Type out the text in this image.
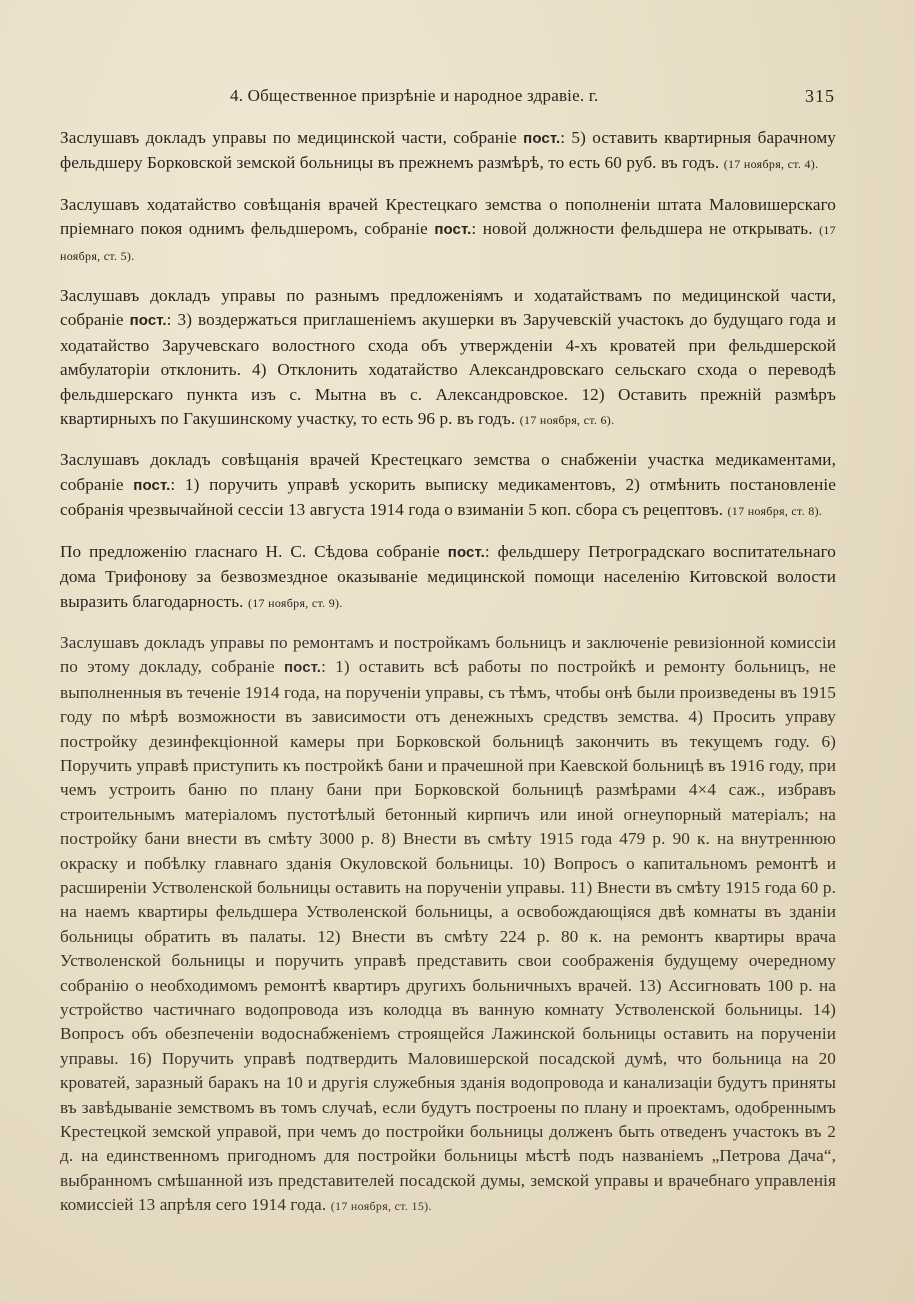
4. Общественное призрѣніе и народное здравіе. г.	315

Заслушавъ докладъ управы по медицинской части, собраніе пост.: 5) оставить квартирныя барачному фельдшеру Борковской земской больницы въ прежнемъ размѣрѣ, то есть 60 руб. въ годъ. (17 ноября, ст. 4).

Заслушавъ ходатайство совѣщанія врачей Крестецкаго земства о пополненіи штата Маловишерскаго пріемнаго покоя однимъ фельдшеромъ, собраніе пост.: новой должности фельдшера не открывать. (17 ноября, ст. 5).

Заслушавъ докладъ управы по разнымъ предложеніямъ и ходатайствамъ по медицинской части, собраніе пост.: 3) воздержаться приглашеніемъ акушерки въ Заручевскій участокъ до будущаго года и ходатайство Заручевскаго волостного схода объ утвержденіи 4-хъ кроватей при фельдшерской амбулаторіи отклонить. 4) Отклонить ходатайство Александровскаго сельскаго схода о переводѣ фельдшерскаго пункта изъ с. Мытна въ с. Александровское. 12) Оставить прежній размѣръ квартирныхъ по Гакушинскому участку, то есть 96 р. въ годъ. (17 ноября, ст. 6).

Заслушавъ докладъ совѣщанія врачей Крестецкаго земства о снабженіи участка медикаментами, собраніе пост.: 1) поручить управѣ ускорить выписку медикаментовъ, 2) отмѣнить постановленіе собранія чрезвычайной сессіи 13 августа 1914 года о взиманіи 5 коп. сбора съ рецептовъ. (17 ноября, ст. 8).

По предложенію гласнаго Н. С. Сѣдова собраніе пост.: фельдшеру Петроградскаго воспитательнаго дома Трифонову за безвозмездное оказываніе медицинской помощи населенію Китовской волости выразить благодарность. (17 ноября, ст. 9).

Заслушавъ докладъ управы по ремонтамъ и постройкамъ больницъ и заключеніе ревизіонной комиссіи по этому докладу, собраніе пост.: 1) оставить всѣ работы по постройкѣ и ремонту больницъ, не выполненныя въ теченіе 1914 года, на порученіи управы, съ тѣмъ, чтобы онѣ были произведены въ 1915 году по мѣрѣ возможности въ зависимости отъ денежныхъ средствъ земства. 4) Просить управу постройку дезинфекціонной камеры при Борковской больницѣ закончить въ текущемъ году. 6) Поручить управѣ приступить къ постройкѣ бани и прачешной при Каевской больницѣ въ 1916 году, при чемъ устроить баню по плану бани при Борковской больницѣ размѣрами 4×4 саж., избравъ строительнымъ матеріаломъ пустотѣлый бетонный кирпичъ или иной огнеупорный матеріалъ; на постройку бани внести въ смѣту 3000 р. 8) Внести въ смѣту 1915 года 479 р. 90 к. на внутреннюю окраску и побѣлку главнаго зданія Окуловской больницы. 10) Вопросъ о капитальномъ ремонтѣ и расширеніи Устволенской больницы оставить на порученіи управы. 11) Внести въ смѣту 1915 года 60 р. на наемъ квартиры фельдшера Устволенской больницы, а освобождающіяся двѣ комнаты въ зданіи больницы обратить въ палаты. 12) Внести въ смѣту 224 р. 80 к. на ремонтъ квартиры врача Устволенской больницы и поручить управѣ представить свои соображенія будущему очередному собранію о необходимомъ ремонтѣ квартиръ другихъ больничныхъ врачей. 13) Ассигновать 100 р. на устройство частичнаго водопровода изъ колодца въ ванную комнату Устволенской больницы. 14) Вопросъ объ обезпеченіи водоснабженіемъ строящейся Лажинской больницы оставить на порученіи управы. 16) Поручить управѣ подтвердить Маловишерской посадской думѣ, что больница на 20 кроватей, заразный баракъ на 10 и другія служебныя зданія водопровода и канализаціи будутъ приняты въ завѣдываніе земствомъ въ томъ случаѣ, если будутъ построены по плану и проектамъ, одобреннымъ Крестецкой земской управой, при чемъ до постройки больницы долженъ быть отведенъ участокъ въ 2 д. на единственномъ пригодномъ для постройки больницы мѣстѣ подъ названіемъ „Петрова Дача“, выбранномъ смѣшанной изъ представителей посадской думы, земской управы и врачебнаго управленія комиссіей 13 апрѣля сего 1914 года. (17 ноября, ст. 15).
